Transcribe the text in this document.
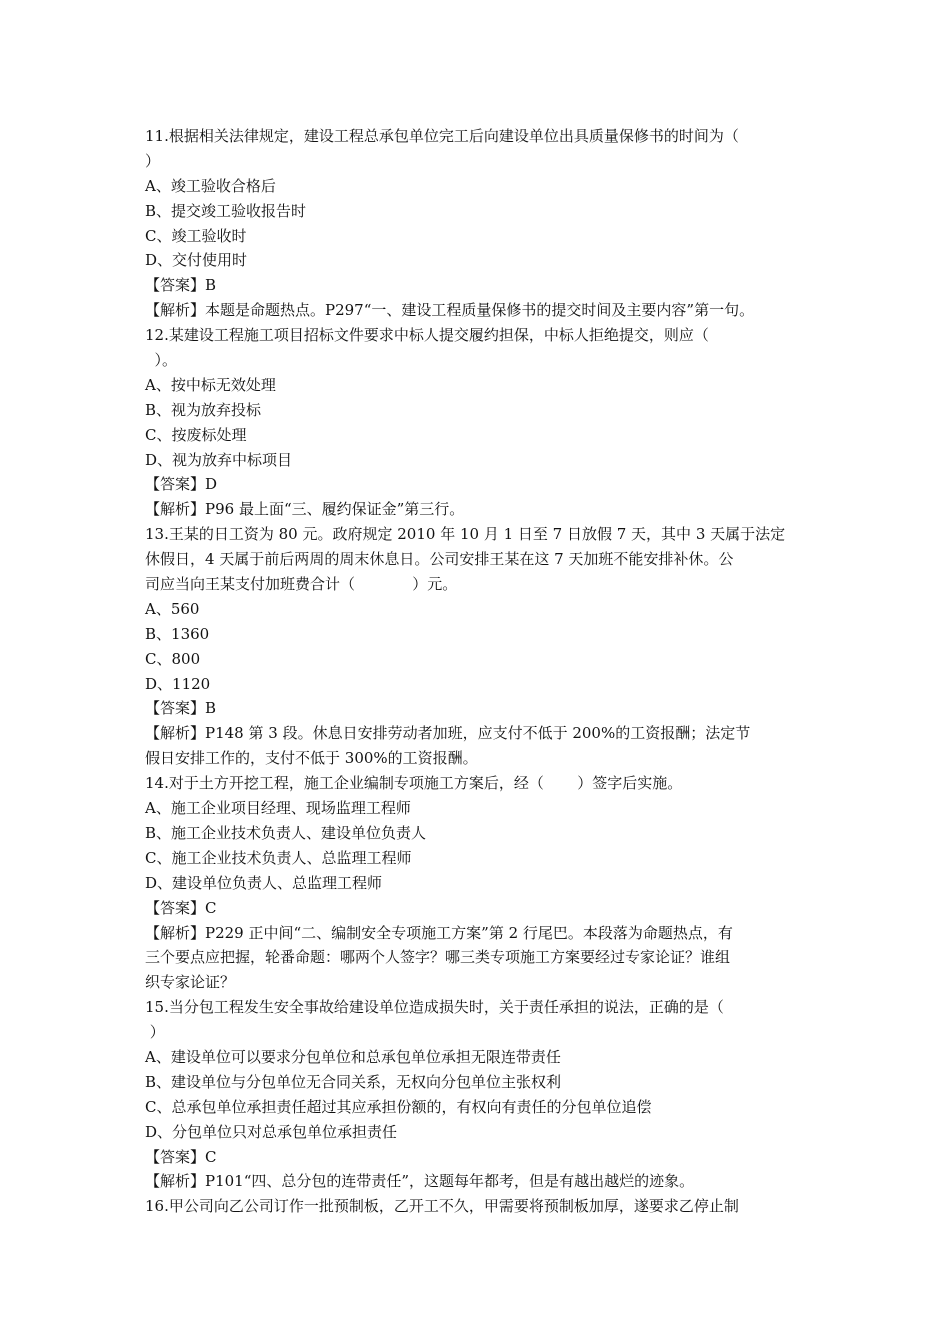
11.根据相关法律规定，建设工程总承包单位完工后向建设单位出具质量保修书的时间为（
）
A、竣工验收合格后
B、提交竣工验收报告时
C、竣工验收时
D、交付使用时
【答案】B
【解析】本题是命题热点。P297“一、建设工程质量保修书的提交时间及主要内容”第一句。
12.某建设工程施工项目招标文件要求中标人提交履约担保，中标人拒绝提交，则应（
）。
A、按中标无效处理
B、视为放弃投标
C、按废标处理
D、视为放弃中标项目
【答案】D
【解析】P96 最上面“三、履约保证金”第三行。
13.王某的日工资为 80 元。政府规定 2010 年 10 月 1 日至 7 日放假 7 天，其中 3 天属于法定
休假日，4 天属于前后两周的周末休息日。公司安排王某在这 7 天加班不能安排补休。公
司应当向王某支付加班费合计（            ）元。
A、560
B、1360
C、800
D、1120
【答案】B
【解析】P148 第 3 段。休息日安排劳动者加班，应支付不低于 200%的工资报酬；法定节
假日安排工作的，支付不低于 300%的工资报酬。
14.对于土方开挖工程，施工企业编制专项施工方案后，经（       ）签字后实施。
A、施工企业项目经理、现场监理工程师
B、施工企业技术负责人、建设单位负责人
C、施工企业技术负责人、总监理工程师
D、建设单位负责人、总监理工程师
【答案】C
【解析】P229 正中间“二、编制安全专项施工方案”第 2 行尾巴。本段落为命题热点，有
三个要点应把握，轮番命题：哪两个人签字？哪三类专项施工方案要经过专家论证？谁组
织专家论证？
15.当分包工程发生安全事故给建设单位造成损失时，关于责任承担的说法，正确的是（
）
A、建设单位可以要求分包单位和总承包单位承担无限连带责任
B、建设单位与分包单位无合同关系，无权向分包单位主张权利
C、总承包单位承担责任超过其应承担份额的，有权向有责任的分包单位追偿
D、分包单位只对总承包单位承担责任
【答案】C
【解析】P101“四、总分包的连带责任”，这题每年都考，但是有越出越烂的迹象。
16.甲公司向乙公司订作一批预制板，乙开工不久，甲需要将预制板加厚，遂要求乙停止制
